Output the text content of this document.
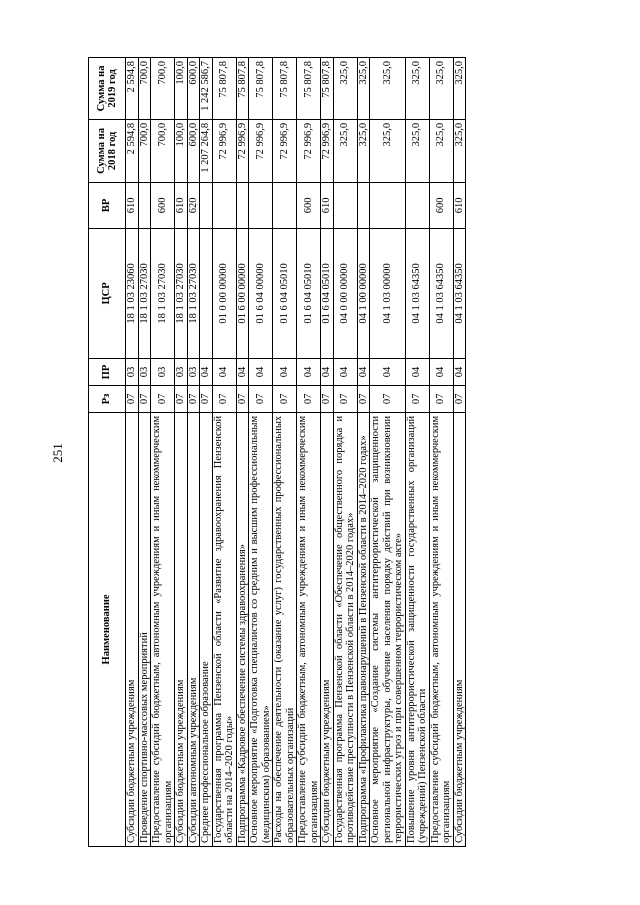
251
Наименование	Рз	ПР	ЦСР	ВР	Сумма на 2018 год	Сумма на 2019 год
Субсидии бюджетным учреждениям	07	03	18 1 03 23060	610	2 594,8	2 594,8
Проведение спортивно-массовых мероприятий	07	03	18 1 03 27030		700,0	700,0
Предоставление субсидий бюджетным, автономным учреждениям и иным некоммерческим организациям	07	03	18 1 03 27030	600	700,0	700,0
Субсидии бюджетным учреждениям	07	03	18 1 03 27030	610	100,0	100,0
Субсидии автономным учреждениям	07	03	18 1 03 27030	620	600,0	600,0
Среднее профессиональное образование	07	04			1 207 264,8	1 242 586,7
Государственная программа Пензенской области «Развитие здравоохранения Пензенской области на 2014–2020 годы»	07	04	01 0 00 00000		72 996,9	75 807,8
Подпрограмма «Кадровое обеспечение системы здравоохранения»	07	04	01 6 00 00000		72 996,9	75 807,8
Основное мероприятие «Подготовка специалистов со средним и высшим профессиональным (медицинским) образованием»	07	04	01 6 04 00000		72 996,9	75 807,8
Расходы на обеспечение деятельности (оказание услуг) государственных профессиональных образовательных организаций	07	04	01 6 04 05010		72 996,9	75 807,8
Предоставление субсидий бюджетным, автономным учреждениям и иным некоммерческим организациям	07	04	01 6 04 05010	600	72 996,9	75 807,8
Субсидии бюджетным учреждениям	07	04	01 6 04 05010	610	72 996,9	75 807,8
Государственная программа Пензенской области «Обеспечение общественного порядка и противодействие преступности в Пензенской области в 2014–2020 годах»	07	04	04 0 00 00000		325,0	325,0
Подпрограмма «Профилактика правонарушений в Пензенской области в 2014–2020 годах»	07	04	04 1 00 00000		325,0	325,0
Основное мероприятие «Создание системы антитеррористической защищенности региональной инфраструктуры, обучение населения порядку действий при возникновении террористических угроз и при совершенном террористическом акте»	07	04	04 1 03 00000		325,0	325,0
Повышение уровня антитеррористической защищенности государственных организаций (учреждений) Пензенской области	07	04	04 1 03 64350		325,0	325,0
Предоставление субсидий бюджетным, автономным учреждениям и иным некоммерческим организациям	07	04	04 1 03 64350	600	325,0	325,0
Субсидии бюджетным учреждениям	07	04	04 1 03 64350	610	325,0	325,0
